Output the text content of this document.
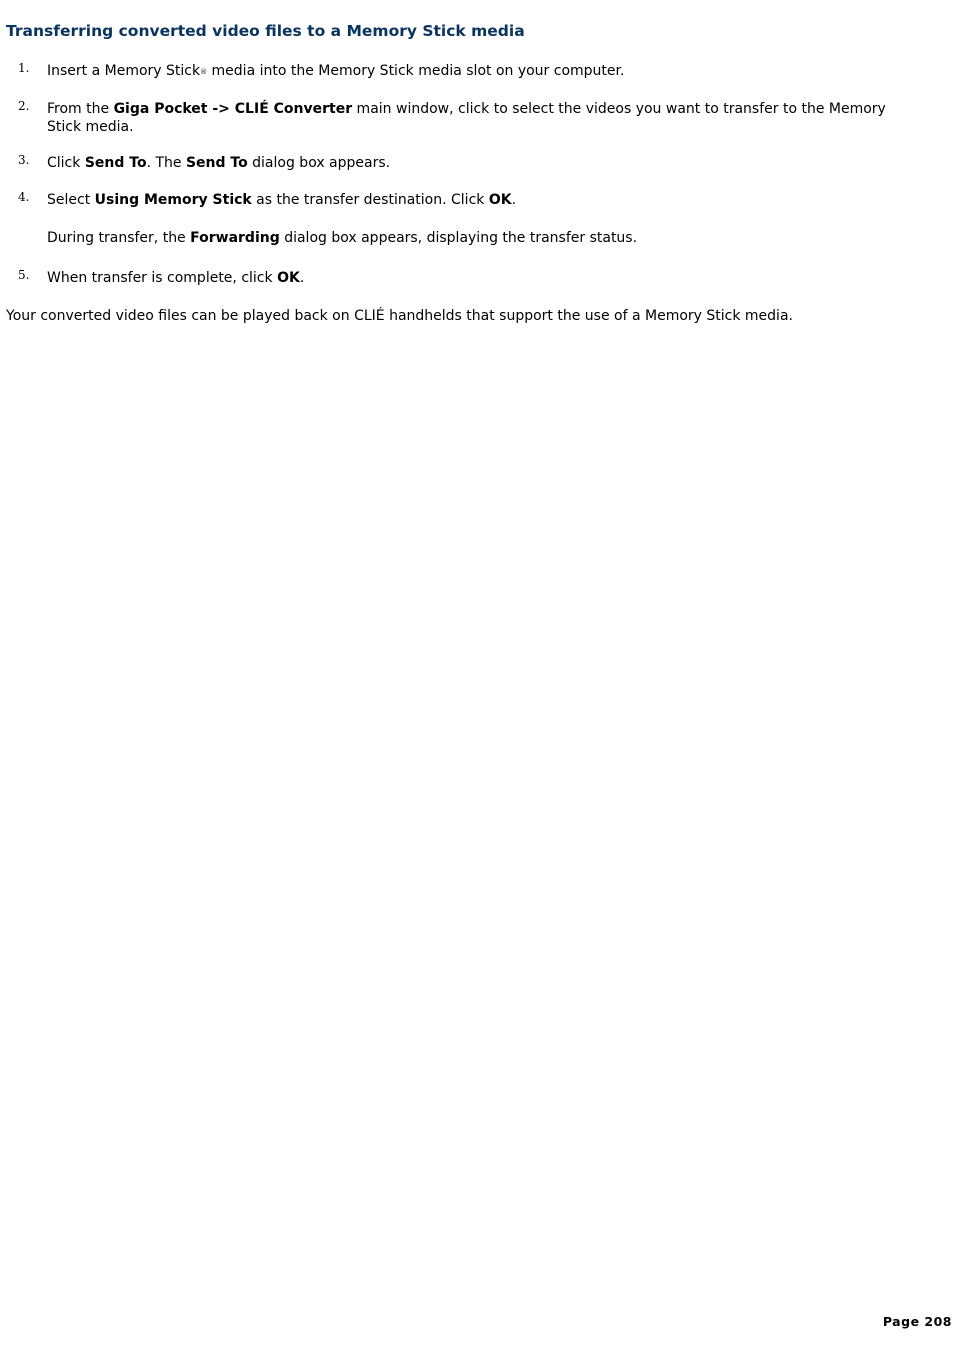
Transferring converted video files to a Memory Stick media
1. Insert a Memory Stick® media into the Memory Stick media slot on your computer.
2. From the Giga Pocket -> CLIÉ Converter main window, click to select the videos you want to transfer to the Memory Stick media.
3. Click Send To. The Send To dialog box appears.
4. Select Using Memory Stick as the transfer destination. Click OK.
During transfer, the Forwarding dialog box appears, displaying the transfer status.
5. When transfer is complete, click OK.

Your converted video files can be played back on CLIÉ handhelds that support the use of a Memory Stick media.

Page 208
